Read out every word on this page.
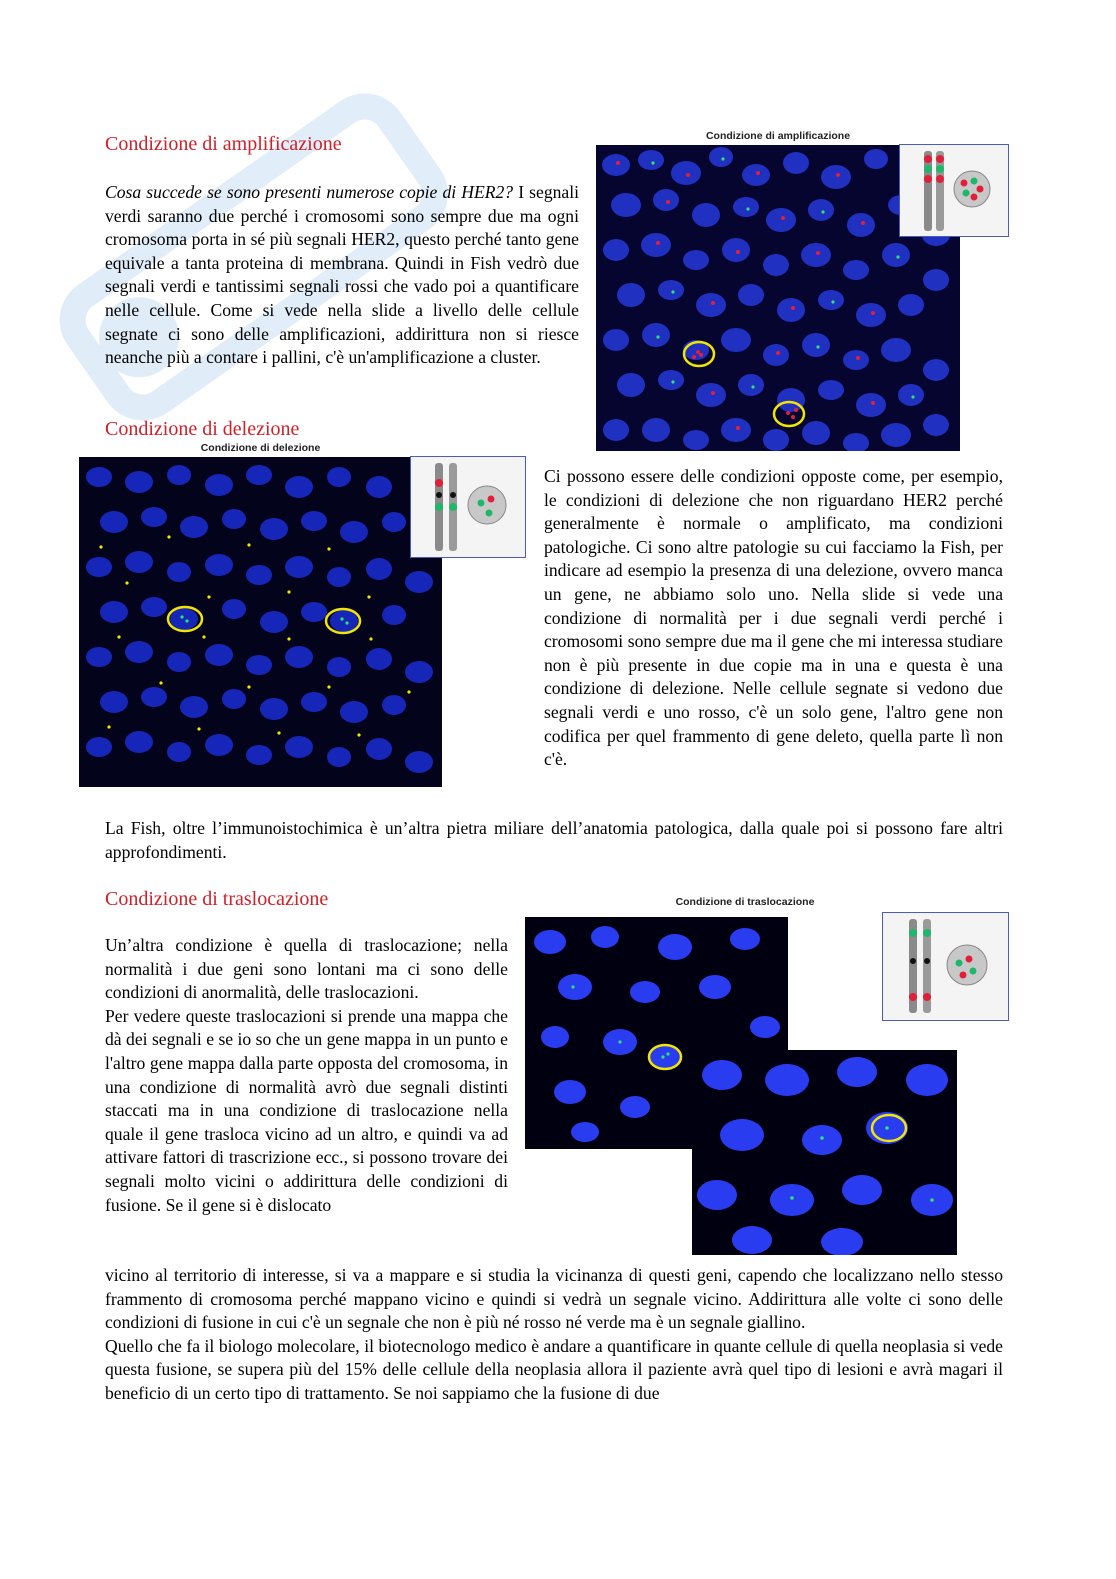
Condizione di amplificazione
Cosa succede se sono presenti numerose copie di HER2? I segnali verdi saranno due perché i cromosomi sono sempre due ma ogni cromosoma porta in sé più segnali HER2, questo perché tanto gene equivale a tanta proteina di membrana. Quindi in Fish vedrò due segnali verdi e tantissimi segnali rossi che vado poi a quantificare nelle cellule. Come si vede nella slide a livello delle cellule segnate ci sono delle amplificazioni, addirittura non si riesce neanche più a contare i pallini, c'è un'amplificazione a cluster.
Condizione di amplificazione
Condizione di delezione
Condizione di delezione
Ci possono essere delle condizioni opposte come, per esempio, le condizioni di delezione che non riguardano HER2 perché generalmente è normale o amplificato, ma condizioni patologiche. Ci sono altre patologie su cui facciamo la Fish, per indicare ad esempio la presenza di una delezione, ovvero manca un gene, ne abbiamo solo uno. Nella slide si vede una condizione di normalità per i due segnali verdi perché i cromosomi sono sempre due ma il gene che mi interessa studiare non è più presente in due copie ma in una e questa è una condizione di delezione. Nelle cellule segnate si vedono due segnali verdi e uno rosso, c'è un solo gene, l'altro gene non codifica per quel frammento di gene deleto, quella parte lì non c'è.
La Fish, oltre l’immunoistochimica è un’altra pietra miliare dell’anatomia patologica, dalla quale poi si possono fare altri approfondimenti.
Condizione di traslocazione	Condizione di traslocazione
Un’altra condizione è quella di traslocazione; nella normalità i due geni sono lontani ma ci sono delle condizioni di anormalità, delle traslocazioni.
Per vedere queste traslocazioni si prende una mappa che dà dei segnali e se io so che un gene mappa in un punto e l'altro gene mappa dalla parte opposta del cromosoma, in una condizione di normalità avrò due segnali distinti staccati ma in una condizione di traslocazione nella quale il gene trasloca vicino ad un altro, e quindi va ad attivare fattori di trascrizione ecc., si possono trovare dei segnali molto vicini o addirittura delle condizioni di fusione. Se il gene si è dislocato
vicino al territorio di interesse, si va a mappare e si studia la vicinanza di questi geni, capendo che localizzano nello stesso frammento di cromosoma perché mappano vicino e quindi si vedrà un segnale vicino. Addirittura alle volte ci sono delle condizioni di fusione in cui c'è un segnale che non è più né rosso né verde ma è un segnale giallino.
Quello che fa il biologo molecolare, il biotecnologo medico è andare a quantificare in quante cellule di quella neoplasia si vede questa fusione, se supera più del 15% delle cellule della neoplasia allora il paziente avrà quel tipo di lesioni e avrà magari il beneficio di un certo tipo di trattamento. Se noi sappiamo che la fusione di due
